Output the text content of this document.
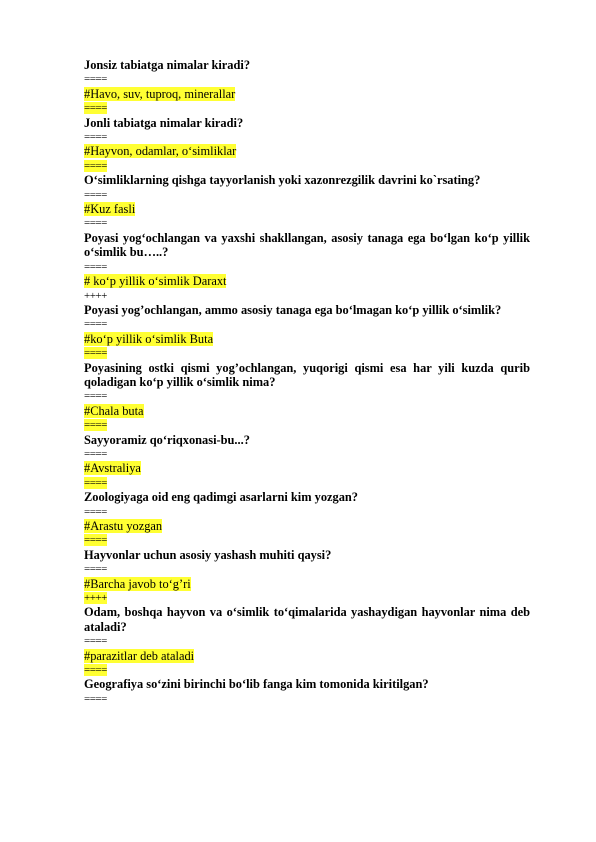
Jonsiz tabiatga nimalar kiradi?

====

#Havo, suv, tuproq, minerallar

====

Jonli tabiatga nimalar kiradi?

====

#Hayvon, odamlar, o‘simliklar

====

O‘simliklarning qishga tayyorlanish yoki xazonrezgilik davrini ko`rsating?

====

#Kuz fasli

====

Poyasi yog‘ochlangan va yaxshi shakllangan, asosiy tanaga ega bo‘lgan ko‘p yillik o‘simlik bu…..?

====

# ko‘p yillik o‘simlik Daraxt

++++

Poyasi yog’ochlangan, ammo asosiy tanaga ega bo‘lmagan ko‘p yillik o‘simlik?

====

#ko‘p yillik o‘simlik Buta

====

Poyasining ostki qismi yog’ochlangan, yuqorigi qismi esa har yili kuzda qurib qoladigan ko‘p yillik o‘simlik nima?

====

#Chala buta

====

Sayyoramiz qo‘riqxonasi-bu...?

====

#Avstraliya

====

Zoologiyaga oid eng qadimgi asarlarni kim yozgan?

====

#Arastu yozgan

====

Hayvonlar uchun asosiy yashash muhiti qaysi?

====

#Barcha javob to‘g’ri

++++

Odam, boshqa hayvon va o‘simlik to‘qimalarida yashaydigan hayvonlar nima deb ataladi?

====

#parazitlar deb ataladi

====

Geografiya so‘zini birinchi bo‘lib fanga kim tomonida kiritilgan?

====
